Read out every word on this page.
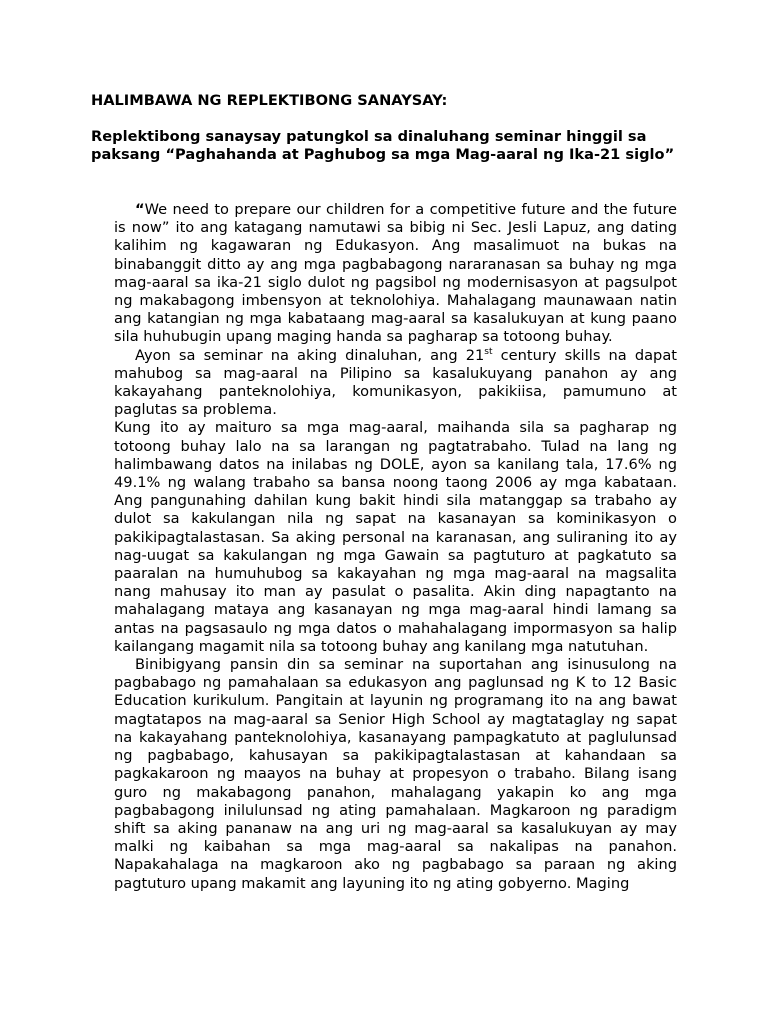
HALIMBAWA NG REPLEKTIBONG SANAYSAY:

Replektibong sanaysay patungkol sa dinaluhang seminar hinggil sa paksang “Paghahanda at Paghubog sa mga Mag-aaral ng Ika-21 siglo”

“We need to prepare our children for a competitive future and the future is now” ito ang katagang namutawi sa bibig ni Sec. Jesli Lapuz, ang dating kalihim ng kagawaran ng Edukasyon. Ang masalimuot na bukas na binabanggit ditto ay ang mga pagbabagong nararanasan sa buhay ng mga mag-aaral sa ika-21 siglo dulot ng pagsibol ng modernisasyon at pagsulpot ng makabagong imbensyon at teknolohiya. Mahalagang maunawaan natin ang katangian ng mga kabataang mag-aaral sa kasalukuyan at kung paano sila huhubugin upang maging handa sa pagharap sa totoong buhay.

Ayon sa seminar na aking dinaluhan, ang 21st century skills na dapat mahubog sa mag-aaral na Pilipino sa kasalukuyang panahon ay ang kakayahang panteknolohiya, komunikasyon, pakikiisa, pamumuno at paglutas sa problema.

Kung ito ay maituro sa mga mag-aaral, maihanda sila sa pagharap ng totoong buhay lalo na sa larangan ng pagtatrabaho. Tulad na lang ng halimbawang datos na inilabas ng DOLE, ayon sa kanilang tala, 17.6% ng 49.1% ng walang trabaho sa bansa noong taong 2006 ay mga kabataan. Ang pangunahing dahilan kung bakit hindi sila matanggap sa trabaho ay dulot sa kakulangan nila ng sapat na kasanayan sa kominikasyon o pakikipagtalastasan. Sa aking personal na karanasan, ang suliraning ito ay nag-uugat sa kakulangan ng mga Gawain sa pagtuturo at pagkatuto sa paaralan na humuhubog sa kakayahan ng mga mag-aaral na magsalita nang mahusay ito man ay pasulat o pasalita. Akin ding napagtanto na mahalagang mataya ang kasanayan ng mga mag-aaral hindi lamang sa antas na pagsasaulo ng mga datos o mahahalagang impormasyon sa halip kailangang magamit nila sa totoong buhay ang kanilang mga natutuhan.

Binibigyang pansin din sa seminar na suportahan ang isinusulong na pagbabago ng pamahalaan sa edukasyon ang paglunsad ng K to 12 Basic Education kurikulum. Pangitain at layunin ng programang ito na ang bawat magtatapos na mag-aaral sa Senior High School ay magtataglay ng sapat na kakayahang panteknolohiya, kasanayang pampagkatuto at paglulunsad ng pagbabago, kahusayan sa pakikipagtalastasan at kahandaan sa pagkakaroon ng maayos na buhay at propesyon o trabaho. Bilang isang guro ng makabagong panahon, mahalagang yakapin ko ang mga pagbabagong inilulunsad ng ating pamahalaan. Magkaroon ng paradigm shift sa aking pananaw na ang uri ng mag-aaral sa kasalukuyan ay may malki ng kaibahan sa mga mag-aaral sa nakalipas na panahon. Napakahalaga na magkaroon ako ng pagbabago sa paraan ng aking pagtuturo upang makamit ang layuning ito ng ating gobyerno. Maging
